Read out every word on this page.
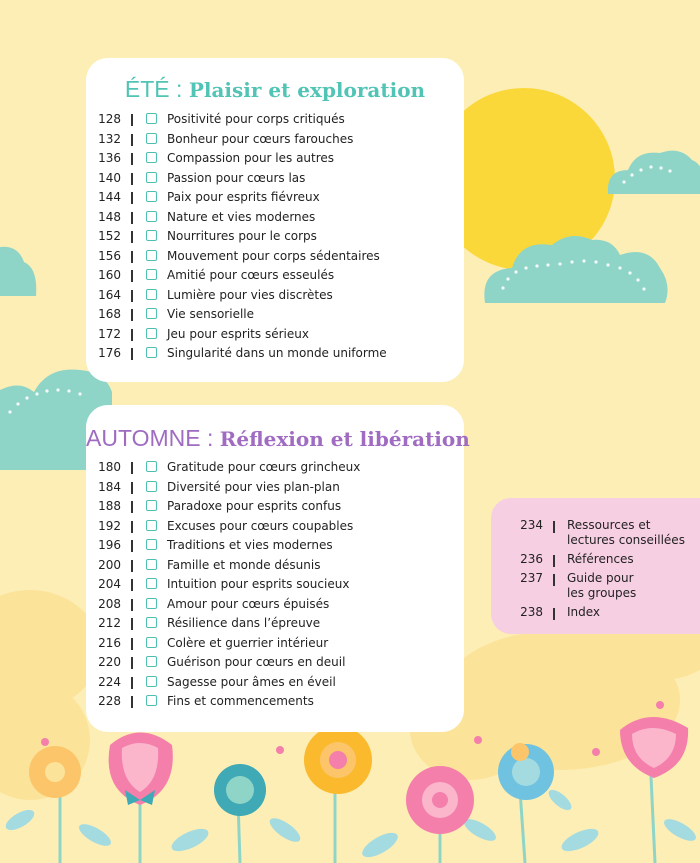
ÉTÉ : Plaisir et exploration
128	Positivité pour corps critiqués
132	Bonheur pour cœurs farouches
136	Compassion pour les autres
140	Passion pour cœurs las
144	Paix pour esprits fiévreux
148	Nature et vies modernes
152	Nourritures pour le corps
156	Mouvement pour corps sédentaires
160	Amitié pour cœurs esseulés
164	Lumière pour vies discrètes
168	Vie sensorielle
172	Jeu pour esprits sérieux
176	Singularité dans un monde uniforme
AUTOMNE : Réflexion et libération
180	Gratitude pour cœurs grincheux
184	Diversité pour vies plan-plan
188	Paradoxe pour esprits confus
192	Excuses pour cœurs coupables
196	Traditions et vies modernes
200	Famille et monde désunis
204	Intuition pour esprits soucieux
208	Amour pour cœurs épuisés
212	Résilience dans l’épreuve
216	Colère et guerrier intérieur
220	Guérison pour cœurs en deuil
224	Sagesse pour âmes en éveil
228	Fins et commencements
234 Ressources et
lectures conseillées
236 Références
237 Guide pour
les groupes
238 Index
